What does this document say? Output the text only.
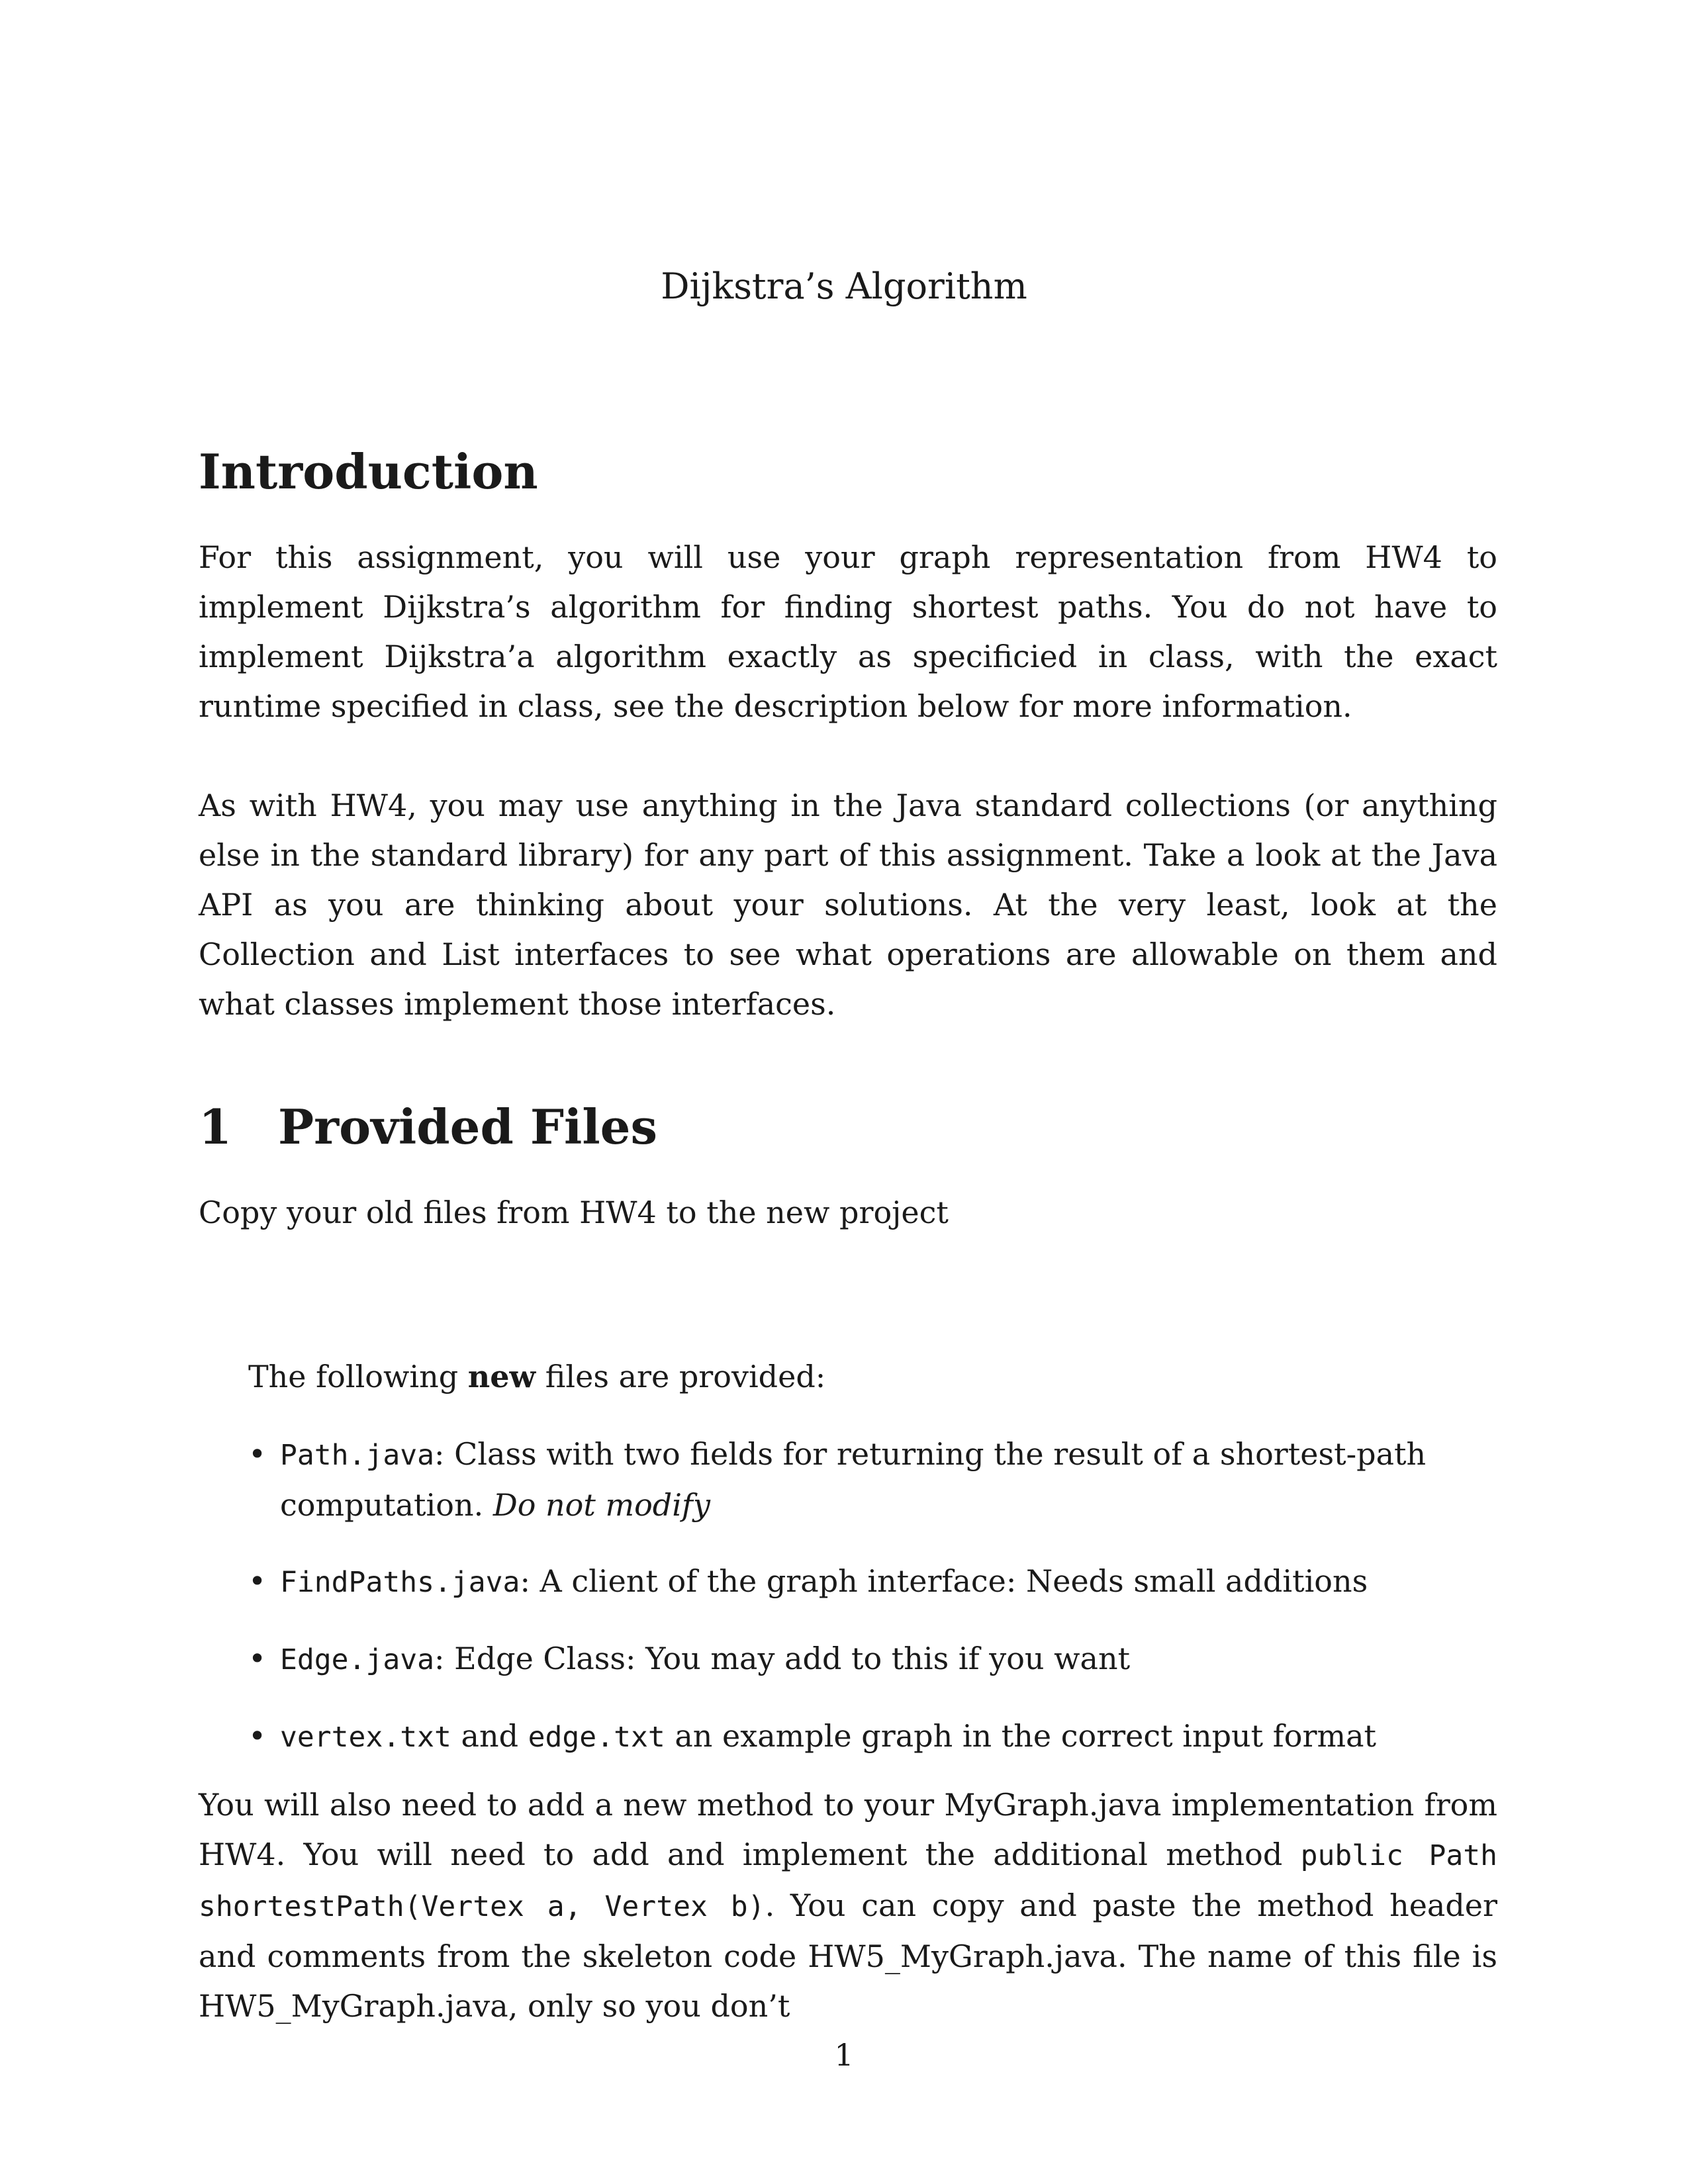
Dijkstra’s Algorithm
Introduction

For this assignment, you will use your graph representation from HW4 to implement Dijkstra’s algorithm for finding shortest paths. You do not have to implement Dijkstra’a algorithm exactly as specificied in class, with the exact runtime specified in class, see the description below for more information.

As with HW4, you may use anything in the Java standard collections (or anything else in the standard library) for any part of this assignment. Take a look at the Java API as you are thinking about your solutions. At the very least, look at the Collection and List interfaces to see what operations are allowable on them and what classes implement those interfaces.

1 Provided Files
Copy your old files from HW4 to the new project
The following new files are provided:
• Path.java: Class with two fields for returning the result of a shortest-path computation. Do not modify
• FindPaths.java: A client of the graph interface: Needs small additions
• Edge.java: Edge Class: You may add to this if you want
• vertex.txt and edge.txt an example graph in the correct input format

You will also need to add a new method to your MyGraph.java implementation from HW4. You will need to add and implement the additional method public Path shortestPath(Vertex a, Vertex b). You can copy and paste the method header and comments from the skeleton code HW5_MyGraph.java. The name of this file is HW5_MyGraph.java, only so you don’t

1
